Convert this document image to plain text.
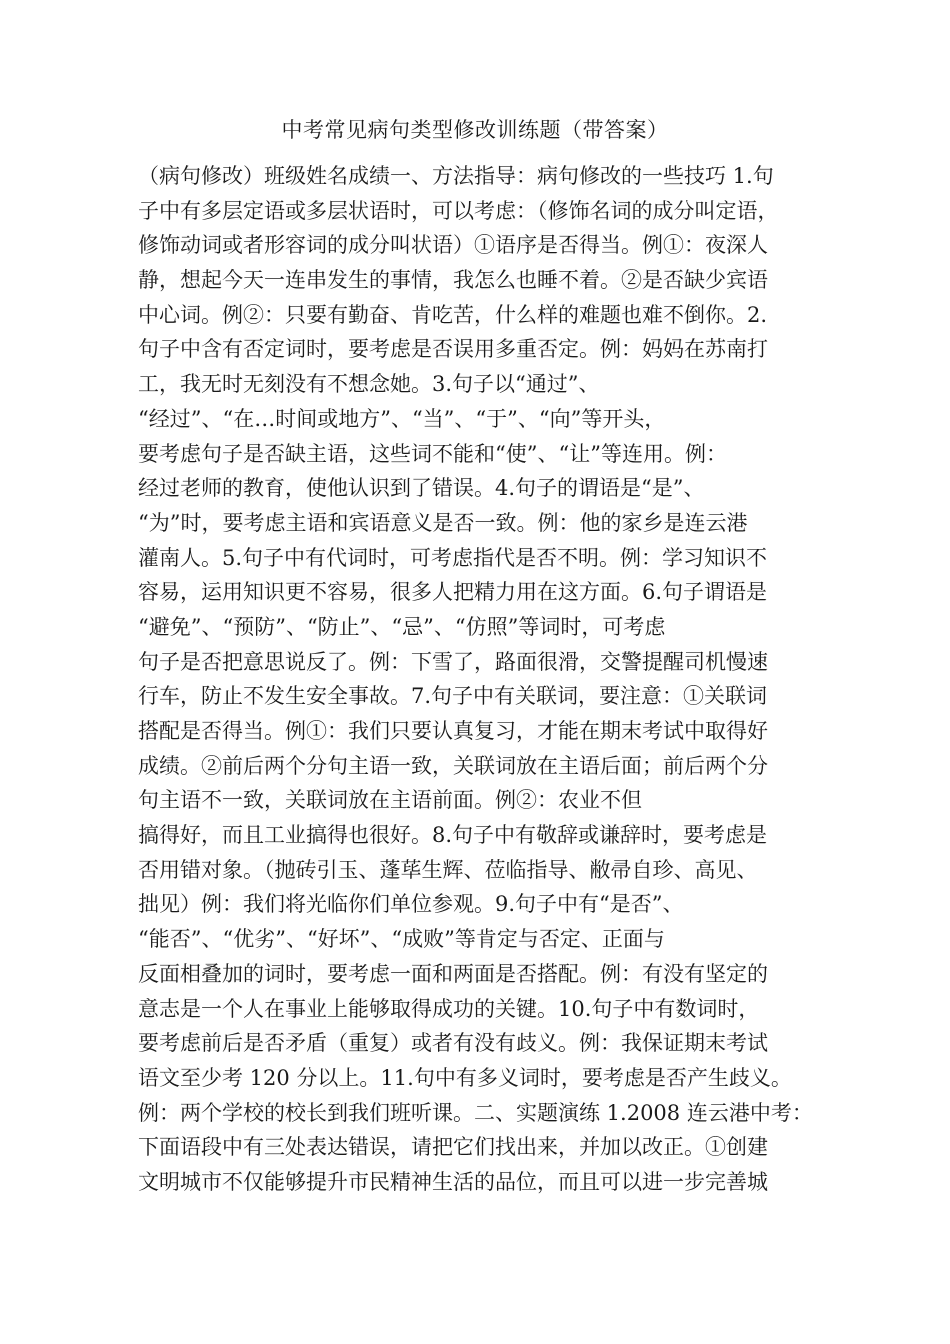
中考常见病句类型修改训练题（带答案）
（病句修改）班级姓名成绩一、方法指导：病句修改的一些技巧 1.句
子中有多层定语或多层状语时，可以考虑：（修饰名词的成分叫定语，
修饰动词或者形容词的成分叫状语）①语序是否得当。例①：夜深人
静，想起今天一连串发生的事情，我怎么也睡不着。②是否缺少宾语
中心词。例②：只要有勤奋、肯吃苦，什么样的难题也难不倒你。2.
句子中含有否定词时，要考虑是否误用多重否定。例：妈妈在苏南打
工，我无时无刻没有不想念她。3.句子以“通过”、
“经过”、“在…时间或地方”、“当”、“于”、“向”等开头，
要考虑句子是否缺主语，这些词不能和“使”、“让”等连用。例：
经过老师的教育，使他认识到了错误。4.句子的谓语是“是”、
“为”时，要考虑主语和宾语意义是否一致。例：他的家乡是连云港
灌南人。5.句子中有代词时，可考虑指代是否不明。例：学习知识不
容易，运用知识更不容易，很多人把精力用在这方面。6.句子谓语是
“避免”、“预防”、“防止”、“忌”、“仿照”等词时，可考虑
句子是否把意思说反了。例：下雪了，路面很滑，交警提醒司机慢速
行车，防止不发生安全事故。7.句子中有关联词，要注意：①关联词
搭配是否得当。例①：我们只要认真复习，才能在期末考试中取得好
成绩。②前后两个分句主语一致，关联词放在主语后面；前后两个分
句主语不一致，关联词放在主语前面。例②：农业不但
搞得好，而且工业搞得也很好。8.句子中有敬辞或谦辞时，要考虑是
否用错对象。（抛砖引玉、蓬荜生辉、莅临指导、敝帚自珍、高见、
拙见）例：我们将光临你们单位参观。9.句子中有“是否”、
“能否”、“优劣”、“好坏”、“成败”等肯定与否定、正面与
反面相叠加的词时，要考虑一面和两面是否搭配。例：有没有坚定的
意志是一个人在事业上能够取得成功的关键。10.句子中有数词时，
要考虑前后是否矛盾（重复）或者有没有歧义。例：我保证期末考试
语文至少考 120 分以上。11.句中有多义词时，要考虑是否产生歧义。
例：两个学校的校长到我们班听课。二、实题演练 1.2008 连云港中考：
下面语段中有三处表达错误，请把它们找出来，并加以改正。①创建
文明城市不仅能够提升市民精神生活的品位，而且可以进一步完善城
